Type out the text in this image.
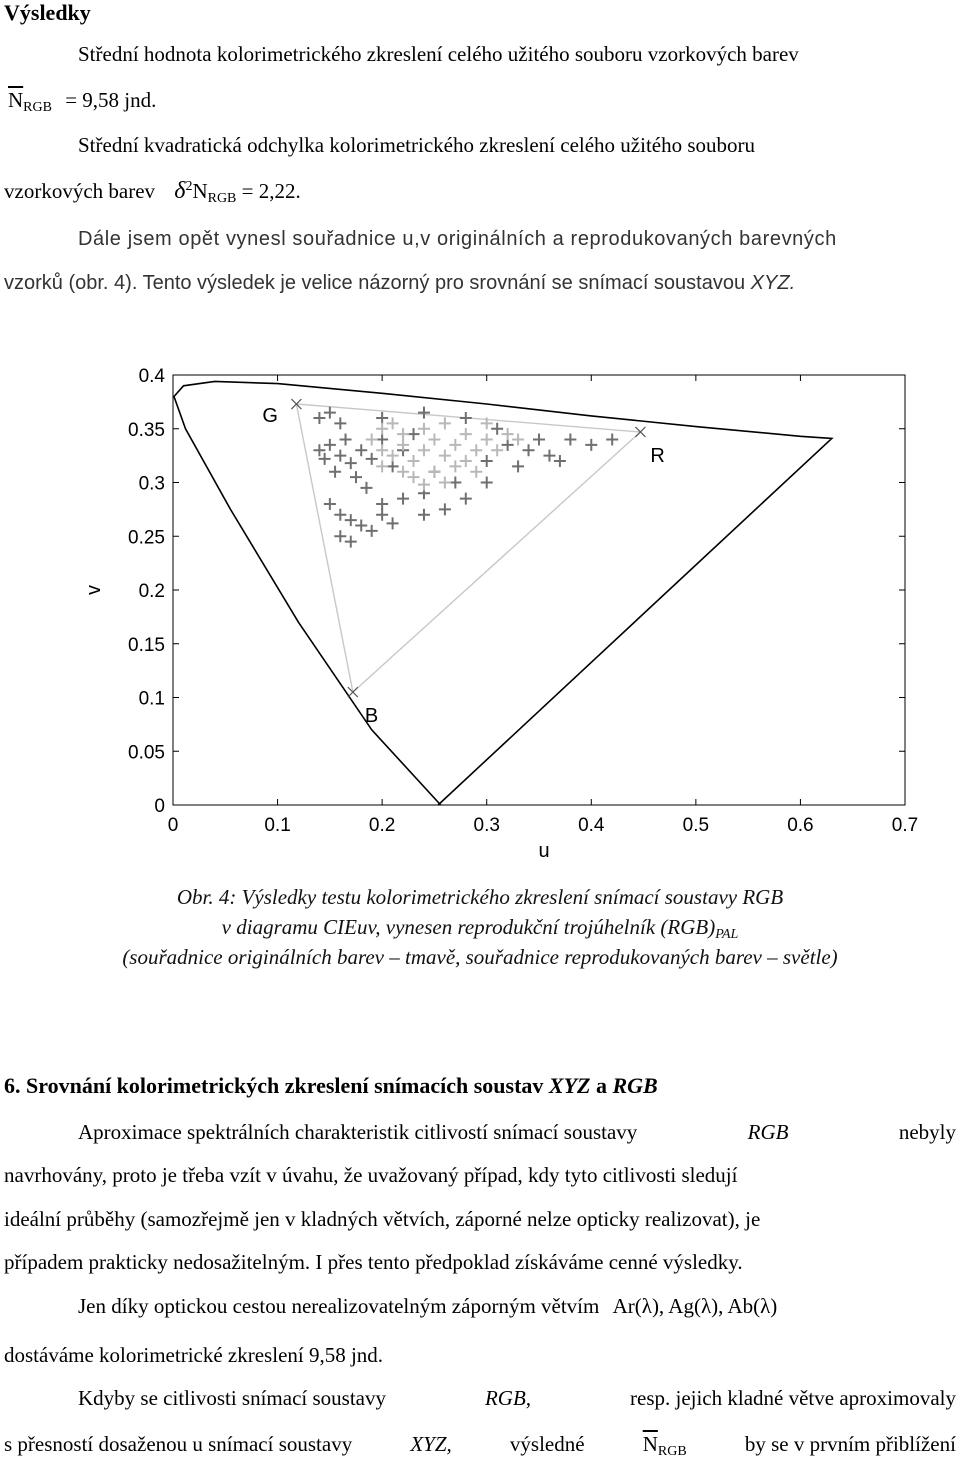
Výsledky
Střední hodnota kolorimetrického zkreslení celého užitého souboru vzorkových barev
$\overline{N}RGB = 9,58$ jnd.
Střední kvadratická odchylka kolorimetrického zkreslení celého užitého souboru
vzorkových barev $\delta^2NRGB = 2,22$.
Dále jsem opět vynesl souřadnice u,v originálních a reprodukovaných barevných
vzorků (obr. 4). Tento výsledek je velice názorný pro srovnání se snímací soustavou XYZ.
0	0.1	0.2	0.3	0.4	0.5	0.6	0.7
0
0.05
0.1
0.15
0.2
0.25
0.3
0.35
0.4
G
R
B
u
v
Obr. 4: Výsledky testu kolorimetrického zkreslení snímací soustavy RGB
v diagramu CIEuv, vynesen reprodukční trojúhelník (RGB)PAL
(souřadnice originálních barev – tmavě, souřadnice reprodukovaných barev – světle)
6. Srovnání kolorimetrických zkreslení snímacích soustav XYZ a RGB
Aproximace spektrálních charakteristik citlivostí snímací soustavy	RGB	nebyly
navrhovány, proto je třeba vzít v úvahu, že uvažovaný případ, kdy tyto citlivosti sledují
ideální průběhy (samozřejmě jen v kladných větvích, záporné nelze opticky realizovat), je
případem prakticky nedosažitelným. I přes tento předpoklad získáváme cenné výsledky.
Jen díky optickou cestou nerealizovatelným záporným větvím Ar(λ), Ag(λ), Ab(λ)
dostáváme kolorimetrické zkreslení 9,58 jnd.
Kdyby se citlivosti snímací soustavy	RGB,	resp. jejich kladné větve aproximovaly
s přesností dosaženou u snímací soustavy	XYZ,	výsledné	$\overline{N}RGB$	by se v prvním přiblížení
